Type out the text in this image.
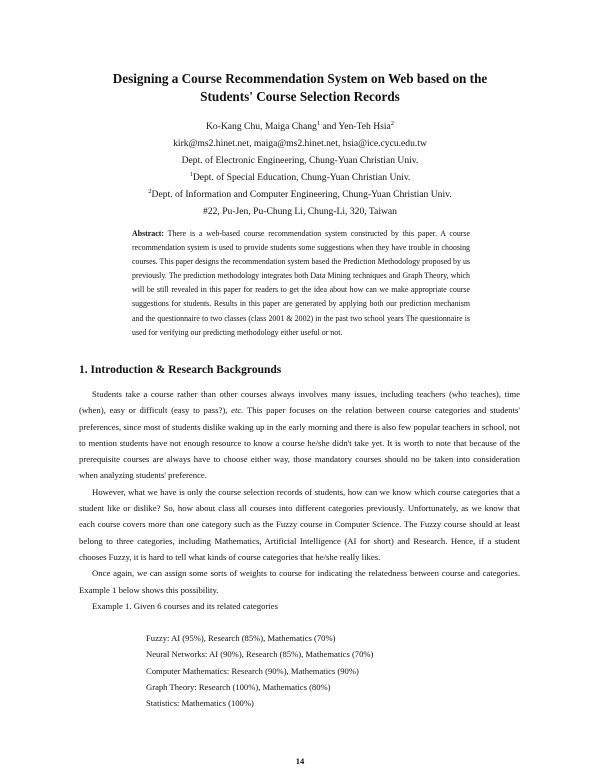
Designing a Course Recommendation System on Web based on the

Students' Course Selection Records

Ko-Kang Chu, Maiga Chang$^1$ and Yen-Teh Hsia$^2$

kirk@ms2.hinet.net, maiga@ms2.hinet.net, hsia@ice.cycu.edu.tw

Dept. of Electronic Engineering, Chung-Yuan Christian Univ.

$^1$Dept. of Special Education, Chung-Yuan Christian Univ.

$^2$Dept. of Information and Computer Engineering, Chung-Yuan Christian Univ.

#22, Pu-Jen, Pu-Chung Li, Chung-Li, 320, Taiwan

Abstract: There is a web-based course recommendation system constructed by this paper. A course recommendation system is used to provide students some suggestions when they have trouble in choosing courses. This paper designs the recommendation system based the Prediction Methodology proposed by us previously. The prediction methodology integrates both Data Mining techniques and Graph Theory, which will be still revealed in this paper for readers to get the idea about how can we make appropriate course suggestions for students. Results in this paper are generated by applying both our prediction mechanism and the questionnaire to two classes (class 2001 & 2002) in the past two school years The questionnaire is used for verifying our predicting methodology either useful or not.

1. Introduction & Research Backgrounds

Students take a course rather than other courses always involves many issues, including teachers (who teaches), time (when), easy or difficult (easy to pass?), etc. This paper focuses on the relation between course categories and students' preferences, since most of students dislike waking up in the early morning and there is also few popular teachers in school, not to mention students have not enough resource to know a course he/she didn't take yet. It is worth to note that because of the prerequisite courses are always have to choose either way, those mandatory courses should no be taken into consideration when analyzing students' preference.

However, what we have is only the course selection records of students, how can we know which course categories that a student like or dislike? So, how about class all courses into different categories previously. Unfortunately, as we know that each course covers more than one category such as the Fuzzy course in Computer Science. The Fuzzy course should at least belong to three categories, including Mathematics, Artificial Intelligence (AI for short) and Research. Hence, if a student chooses Fuzzy, it is hard to tell what kinds of course categories that he/she really likes.

Once again, we can assign some sorts of weights to course for indicating the relatedness between course and categories. Example 1 below shows this possibility.

Example 1. Given 6 courses and its related categories

Fuzzy: AI (95%), Research (85%), Mathematics (70%)
Neural Networks: AI (90%), Research (85%), Mathematics (70%)
Computer Mathematics: Research (90%), Mathematics (90%)
Graph Theory: Research (100%), Mathematics (80%)
Statistics: Mathematics (100%)
14
